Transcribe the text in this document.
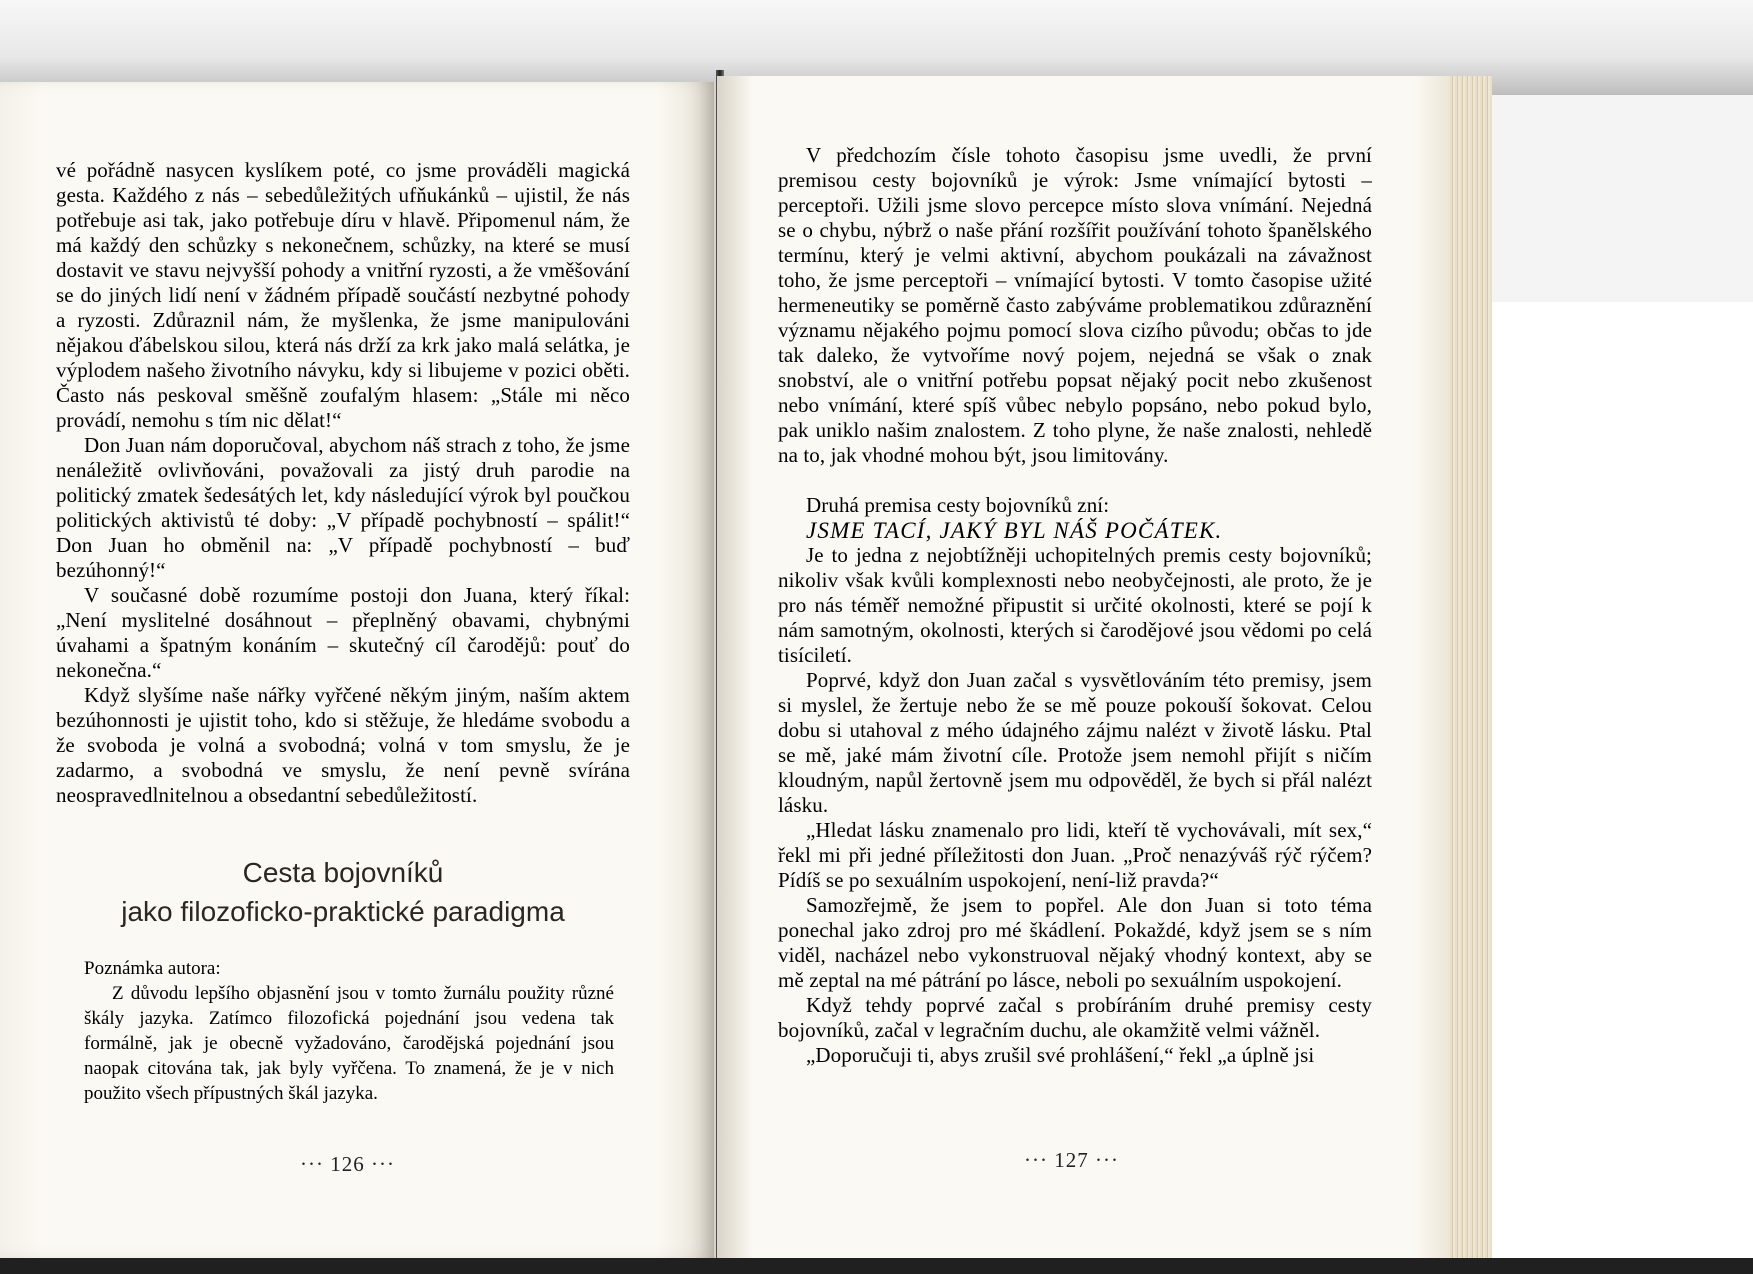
vé pořádně nasycen kyslíkem poté, co jsme prováděli magická gesta. Každého z nás – sebedůležitých ufňukánků – ujistil, že nás potřebuje asi tak, jako potřebuje díru v hlavě. Připomenul nám, že má každý den schůzky s nekonečnem, schůzky, na které se musí dostavit ve stavu nejvyšší pohody a vnitřní ryzosti, a že vměšování se do jiných lidí není v žádném případě součástí nezbytné pohody a ryzosti. Zdůraznil nám, že myšlenka, že jsme manipulováni nějakou ďábelskou silou, která nás drží za krk jako malá selátka, je výplodem našeho životního návyku, kdy si libujeme v pozici oběti. Často nás peskoval směšně zoufalým hlasem: „Stále mi něco provádí, nemohu s tím nic dělat!“

Don Juan nám doporučoval, abychom náš strach z toho, že jsme nenáležitě ovlivňováni, považovali za jistý druh parodie na politický zmatek šedesátých let, kdy následující výrok byl poučkou politických aktivistů té doby: „V případě pochybností – spálit!“ Don Juan ho obměnil na: „V případě pochybností – buď bezúhonný!“

V současné době rozumíme postoji don Juana, který říkal: „Není myslitelné dosáhnout – přeplněný obavami, chybnými úvahami a špatným konáním – skutečný cíl čarodějů: pouť do nekonečna.“

Když slyšíme naše nářky vyřčené někým jiným, naším aktem bezúhonnosti je ujistit toho, kdo si stěžuje, že hledáme svobodu a že svoboda je volná a svobodná; volná v tom smyslu, že je zadarmo, a svobodná ve smyslu, že není pevně svírána neospravedlnitelnou a obsedantní sebedůležitostí.

Cesta bojovníků
jako filozoficko-praktické paradigma

Poznámka autora:

Z důvodu lepšího objasnění jsou v tomto žurnálu použity různé škály jazyka. Zatímco filozofická pojednání jsou vedena tak formálně, jak je obecně vyžadováno, čarodějská pojednání jsou naopak citována tak, jak byly vyřčena. To znamená, že je v nich použito všech přípustných škál jazyka.

··· 126 ···

V předchozím čísle tohoto časopisu jsme uvedli, že první premisou cesty bojovníků je výrok: Jsme vnímající bytosti – perceptoři. Užili jsme slovo percepce místo slova vnímání. Nejedná se o chybu, nýbrž o naše přání rozšířit používání tohoto španělského termínu, který je velmi aktivní, abychom poukázali na závažnost toho, že jsme perceptoři – vnímající bytosti. V tomto časopise užité hermeneutiky se poměrně často zabýváme problematikou zdůraznění významu nějakého pojmu pomocí slova cizího původu; občas to jde tak daleko, že vytvoříme nový pojem, nejedná se však o znak snobství, ale o vnitřní potřebu popsat nějaký pocit nebo zkušenost nebo vnímání, které spíš vůbec nebylo popsáno, nebo pokud bylo, pak uniklo našim znalostem. Z toho plyne, že naše znalosti, nehledě na to, jak vhodné mohou být, jsou limitovány.

Druhá premisa cesty bojovníků zní:

JSME TACÍ, JAKÝ BYL NÁŠ POČÁTEK.

Je to jedna z nejobtížněji uchopitelných premis cesty bojovníků; nikoliv však kvůli komplexnosti nebo neobyčejnosti, ale proto, že je pro nás téměř nemožné připustit si určité okolnosti, které se pojí k nám samotným, okolnosti, kterých si čarodějové jsou vědomi po celá tisíciletí.

Poprvé, když don Juan začal s vysvětlováním této premisy, jsem si myslel, že žertuje nebo že se mě pouze pokouší šokovat. Celou dobu si utahoval z mého údajného zájmu nalézt v životě lásku. Ptal se mě, jaké mám životní cíle. Protože jsem nemohl přijít s ničím kloudným, napůl žertovně jsem mu odpověděl, že bych si přál nalézt lásku.

„Hledat lásku znamenalo pro lidi, kteří tě vychovávali, mít sex,“ řekl mi při jedné příležitosti don Juan. „Proč nenazýváš rýč rýčem? Pídíš se po sexuálním uspokojení, není-liž pravda?“

Samozřejmě, že jsem to popřel. Ale don Juan si toto téma ponechal jako zdroj pro mé škádlení. Pokaždé, když jsem se s ním viděl, nacházel nebo vykonstruoval nějaký vhodný kontext, aby se mě zeptal na mé pátrání po lásce, neboli po sexuálním uspokojení.

Když tehdy poprvé začal s probíráním druhé premisy cesty bojovníků, začal v legračním duchu, ale okamžitě velmi vážněl.

„Doporučuji ti, abys zrušil své prohlášení,“ řekl „a úplně jsi

··· 127 ···
